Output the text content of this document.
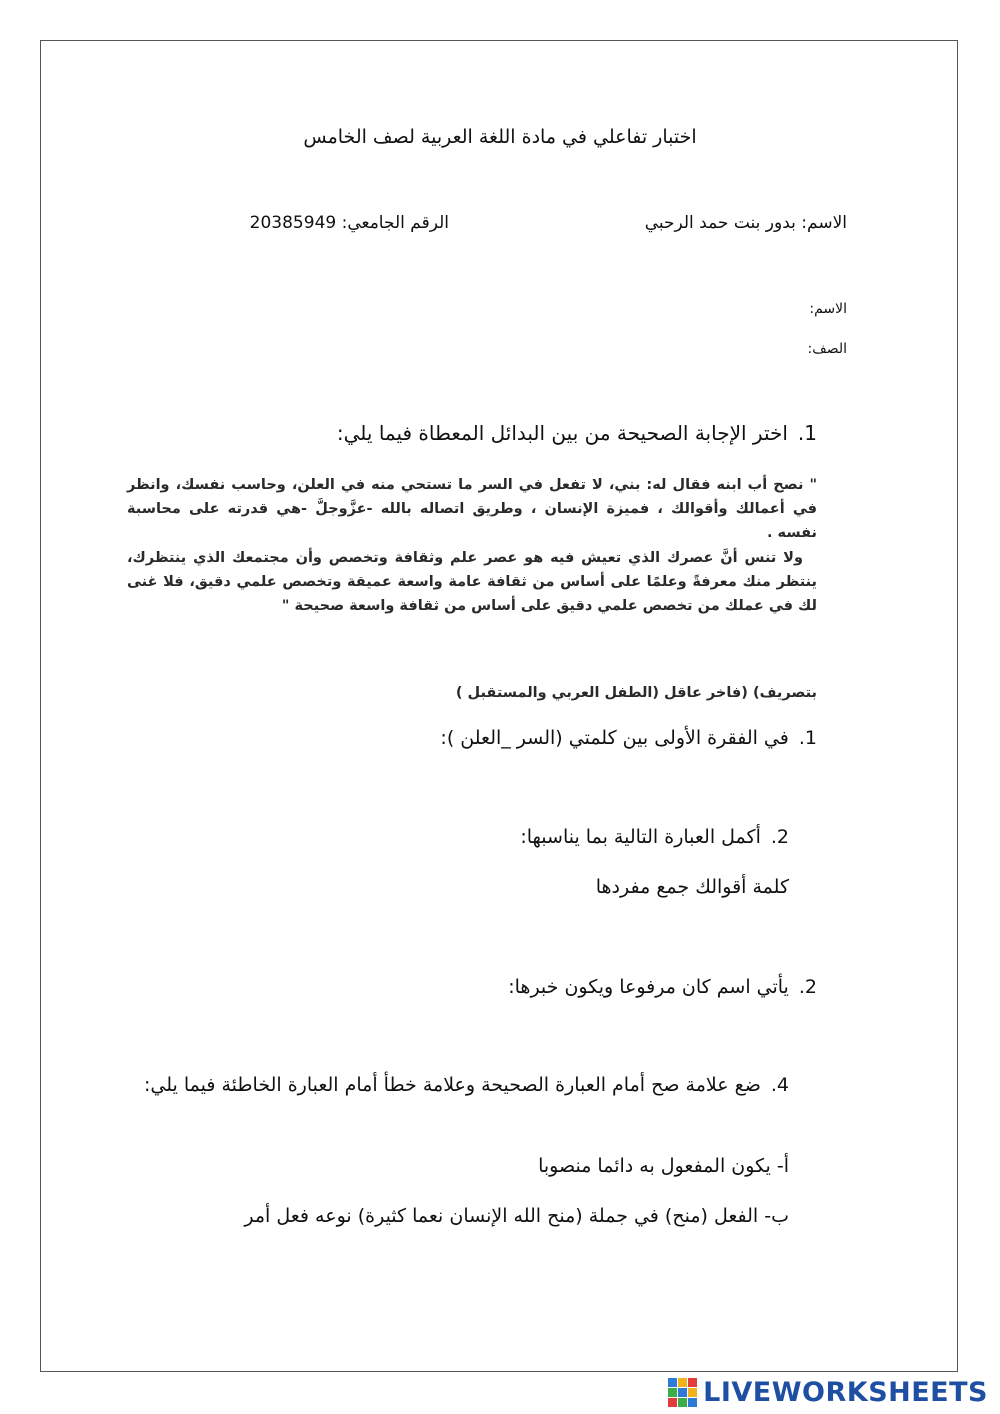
اختبار تفاعلي في مادة اللغة العربية لصف الخامس
الاسم: بدور بنت حمد الرحبي
الرقم الجامعي: 20385949
الاسم:
الصف:
1.اختر الإجابة الصحيحة من بين البدائل المعطاة فيما يلي:

" نصح أب ابنه فقال له: بني، لا تفعل في السر ما تستحي منه في العلن، وحاسب نفسك، وانظر في أعمالك وأقوالك ، فميزة الإنسان ، وطريق اتصاله بالله -عزَّوجلَّ -هي قدرته على محاسبة نفسه .

ولا تنس أنَّ عصرك الذي تعيش فيه هو عصر علم وثقافة وتخصص وأن مجتمعك الذي ينتظرك، ينتظر منك معرفةً وعلمًا على أساس من ثقافة عامة واسعة عميقة وتخصص علمي دقيق، فلا غنى لك في عملك من تخصص علمي دقيق على أساس من ثقافة واسعة صحيحة "

بتصريف) (فاخر عاقل (الطفل العربي والمستقبل )
1.في الفقرة الأولى بين كلمتي (السر _العلن ):
2.أكمل العبارة التالية بما يناسبها:
كلمة أقوالك جمع مفردها
2.يأتي اسم كان مرفوعا ويكون خبرها:
4.ضع علامة صح أمام العبارة الصحيحة وعلامة خطأ أمام العبارة الخاطئة فيما يلي:
أ- يكون المفعول به دائما منصوبا
ب- الفعل (منح) في جملة (منح الله الإنسان نعما كثيرة) نوعه فعل أمر
LIVEWORKSHEETS
